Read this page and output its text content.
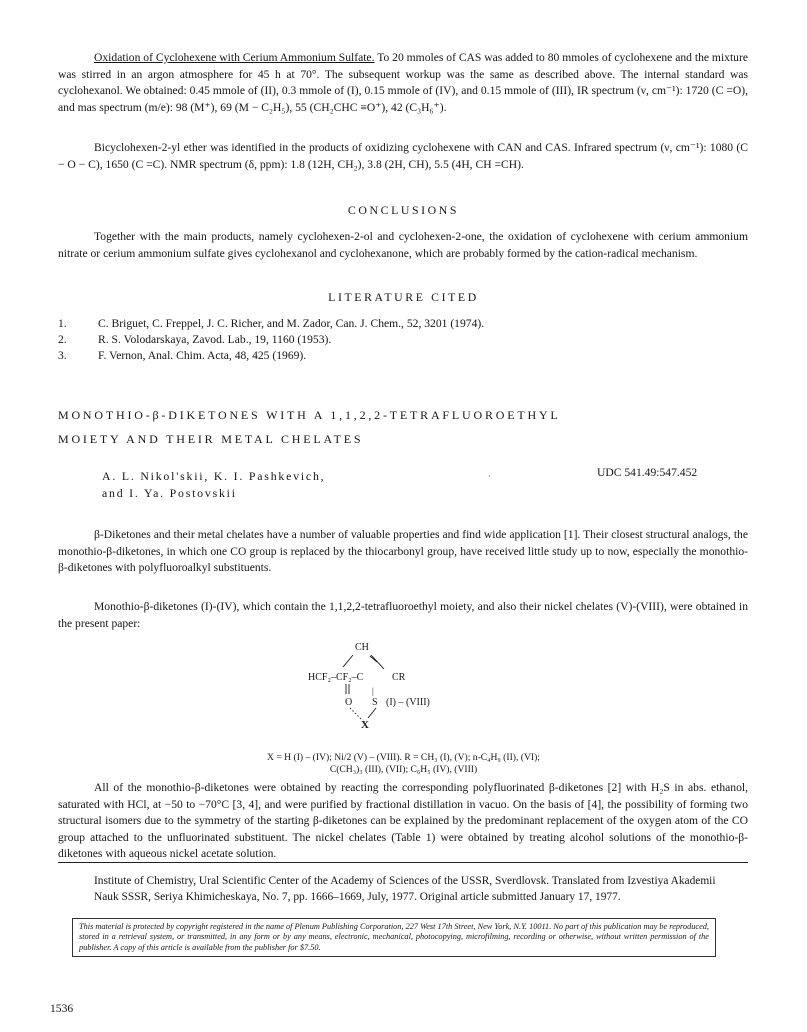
Oxidation of Cyclohexene with Cerium Ammonium Sulfate. To 20 mmoles of CAS was added to 80 mmoles of cyclohexene and the mixture was stirred in an argon atmosphere for 45 h at 70°. The subsequent workup was the same as described above. The internal standard was cyclohexanol. We obtained: 0.45 mmole of (II), 0.3 mmole of (I), 0.15 mmole of (IV), and 0.15 mmole of (III), IR spectrum (ν, cm⁻¹): 1720 (C =O), and mas spectrum (m/e): 98 (M⁺), 69 (M − C₂H₅), 55 (CH₂CHC ≡O⁺), 42 (C₃H₆⁺).

Bicyclohexen-2-yl ether was identified in the products of oxidizing cyclohexene with CAN and CAS. Infrared spectrum (ν, cm⁻¹): 1080 (C − O − C), 1650 (C =C). NMR spectrum (δ, ppm): 1.8 (12H, CH₂), 3.8 (2H, CH), 5.5 (4H, CH =CH).

CONCLUSIONS

Together with the main products, namely cyclohexen-2-ol and cyclohexen-2-one, the oxidation of cyclohexene with cerium ammonium nitrate or cerium ammonium sulfate gives cyclohexanol and cyclohexanone, which are probably formed by the cation-radical mechanism.

LITERATURE CITED
1.	C. Briguet, C. Freppel, J. C. Richer, and M. Zador, Can. J. Chem., 52, 3201 (1974).
2.	R. S. Volodarskaya, Zavod. Lab., 19, 1160 (1953).
3.	F. Vernon, Anal. Chim. Acta, 48, 425 (1969).
MONOTHIO-β-DIKETONES WITH A 1,1,2,2-TETRAFLUOROETHYL
MOIETY AND THEIR METAL CHELATES
A. L. Nikol'skii, K. I. Pashkevich,
and I. Ya. Postovskii
·	UDC 541.49:547.452

β-Diketones and their metal chelates have a number of valuable properties and find wide application [1]. Their closest structural analogs, the monothio-β-diketones, in which one CO group is replaced by the thiocarbonyl group, have received little study up to now, especially the monothio-β-diketones with polyfluoroalkyl substituents.

Monothio-β-diketones (I)-(IV), which contain the 1,1,2,2-tetrafluoroethyl moiety, and also their nickel chelates (V)-(VIII), were obtained in the present paper:

CH
HCF₂–CF₂–C	CR
|
O S (I) – (VIII)
X
X = H (I) – (IV); Ni/2 (V) – (VIII). R = CH₃ (I), (V); n-C₄H₉ (II), (VI);
C(CH₃)₃ (III), (VII); C₆H₅ (IV), (VIII)

All of the monothio-β-diketones were obtained by reacting the corresponding polyfluorinated β-diketones [2] with H₂S in abs. ethanol, saturated with HCl, at −50 to −70°C [3, 4], and were purified by fractional distillation in vacuo. On the basis of [4], the possibility of forming two structural isomers due to the symmetry of the starting β-diketones can be explained by the predominant replacement of the oxygen atom of the CO group attached to the unfluorinated substituent. The nickel chelates (Table 1) were obtained by treating alcohol solutions of the monothio-β-diketones with aqueous nickel acetate solution.

Institute of Chemistry, Ural Scientific Center of the Academy of Sciences of the USSR, Sverdlovsk. Translated from Izvestiya Akademii Nauk SSSR, Seriya Khimicheskaya, No. 7, pp. 1666–1669, July, 1977. Original article submitted January 17, 1977.
This material is protected by copyright registered in the name of Plenum Publishing Corporation, 227 West 17th Street, New York, N.Y. 10011. No part of this publication may be reproduced, stored in a retrieval system, or transmitted, in any form or by any means, electronic, mechanical, photocopying, microfilming, recording or otherwise, without written permission of the publisher. A copy of this article is available from the publisher for $7.50.
1536
